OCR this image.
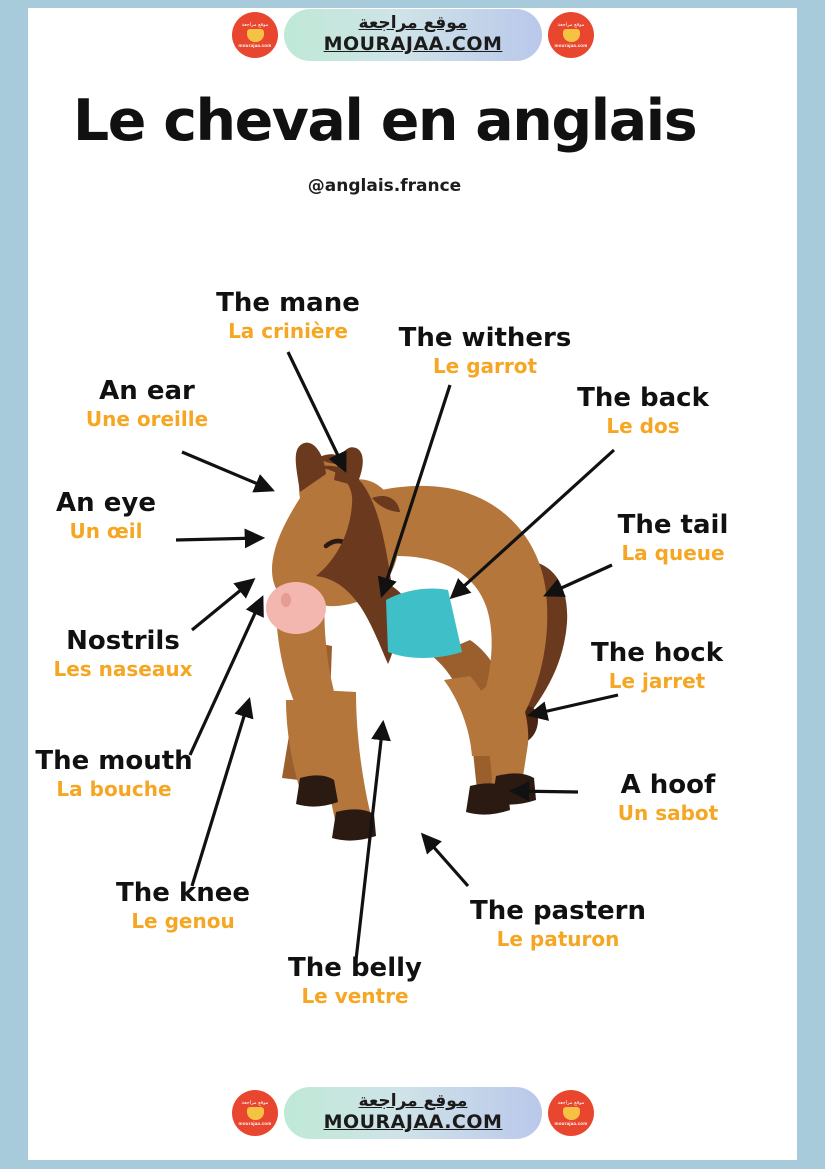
Le cheval en anglais
@anglais.france
The mane
La crinière	The withers
Le garrot
An ear
Une oreille
The back
Le dos
An eye
Un œil	The tail
La queue
Nostrils
Les naseaux
The hock
Le jarret
The mouth
La bouche	A hoof
Un sabot
The knee
Le genou	The pastern
Le paturon
The belly
Le ventre
موقع مراجعة
mourajaa.com
موقع مراجعة
mourajaa.com
موقع مراجعة
MOURAJAA.COM
موقع مراجعة
mourajaa.com
موقع مراجعة
mourajaa.com
موقع مراجعة
MOURAJAA.COM
